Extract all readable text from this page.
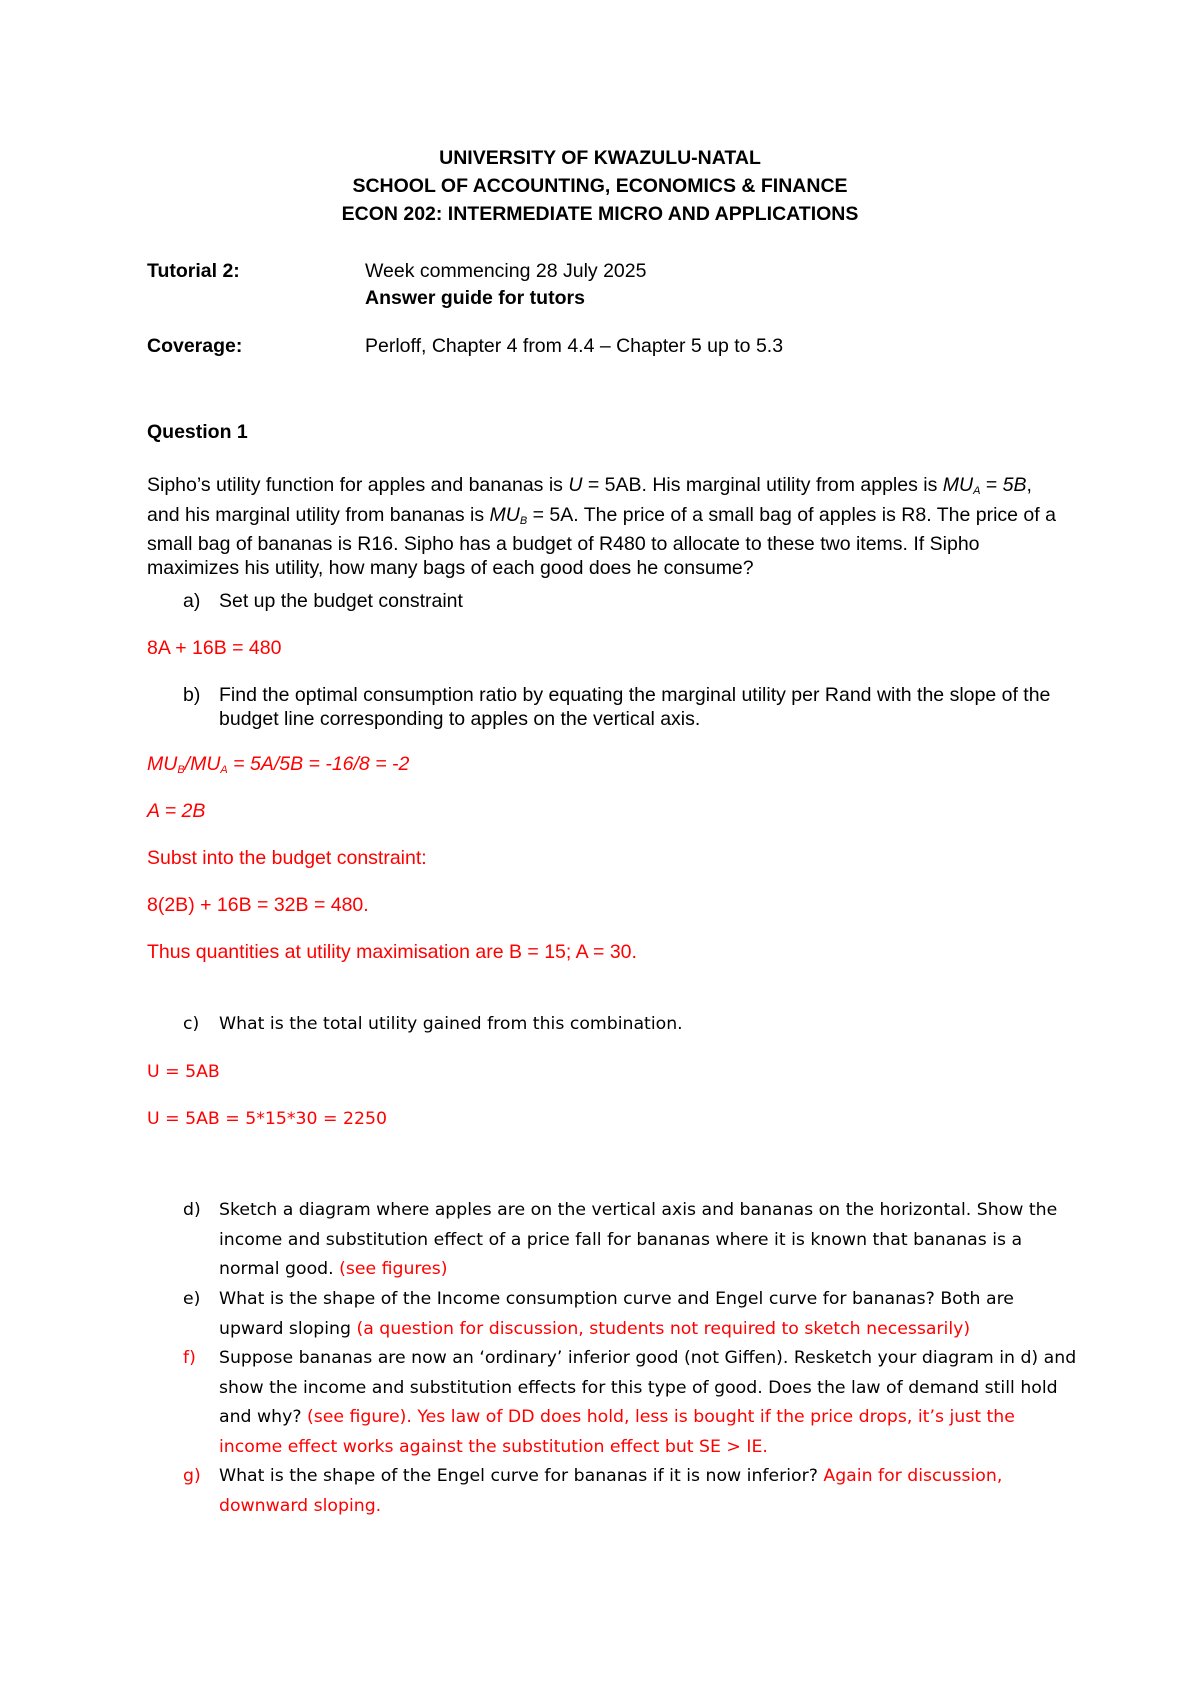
UNIVERSITY OF KWAZULU-NATAL
SCHOOL OF ACCOUNTING, ECONOMICS & FINANCE
ECON 202: INTERMEDIATE MICRO AND APPLICATIONS
Tutorial 2:	Week commencing 28 July 2025
Answer guide for tutors
Coverage:	Perloff, Chapter 4 from 4.4 – Chapter 5 up to 5.3
Question 1
Sipho’s utility function for apples and bananas is U = 5AB. His marginal utility from apples is $MU_A = 5B$, and his marginal utility from bananas is $MU_B = 5A$. The price of a small bag of apples is R8. The price of a small bag of bananas is R16. Sipho has a budget of R480 to allocate to these two items. If Sipho maximizes his utility, how many bags of each good does he consume?
a) Set up the budget constraint
8A + 16B = 480
b) Find the optimal consumption ratio by equating the marginal utility per Rand with the slope of the budget line corresponding to apples on the vertical axis.
$MU_B/MU_A = 5A/5B = -16/8 = -2$
A = 2B
Subst into the budget constraint:
8(2B) + 16B = 32B = 480.
Thus quantities at utility maximisation are B = 15; A = 30.
c) What is the total utility gained from this combination.
U = 5AB
U = 5AB = 5*15*30 = 2250
d) Sketch a diagram where apples are on the vertical axis and bananas on the horizontal. Show the income and substitution effect of a price fall for bananas where it is known that bananas is a normal good. (see figures)
e) What is the shape of the Income consumption curve and Engel curve for bananas? Both are upward sloping (a question for discussion, students not required to sketch necessarily)
f) Suppose bananas are now an ‘ordinary’ inferior good (not Giffen). Resketch your diagram in d) and show the income and substitution effects for this type of good. Does the law of demand still hold and why? (see figure). Yes law of DD does hold, less is bought if the price drops, it’s just the income effect works against the substitution effect but SE > IE.
g) What is the shape of the Engel curve for bananas if it is now inferior? Again for discussion, downward sloping.
